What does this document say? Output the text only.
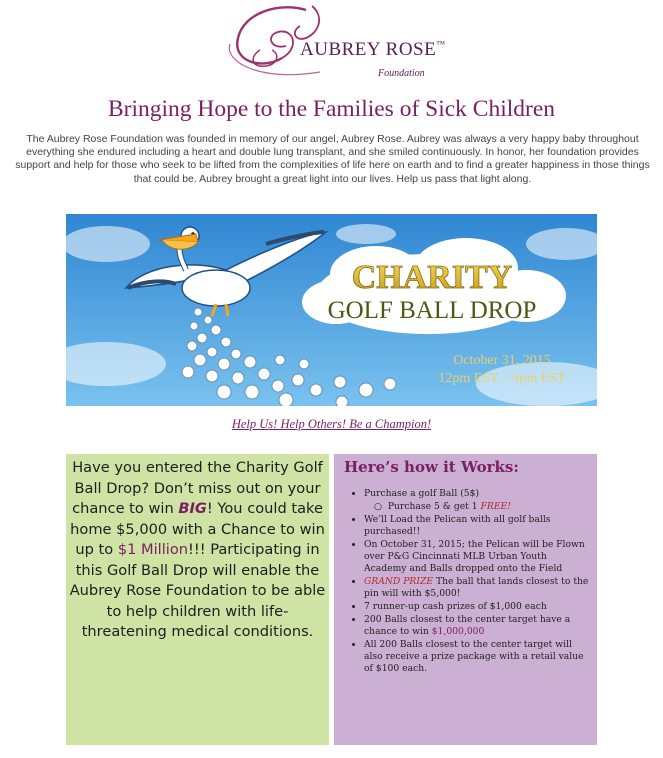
AUBREY ROSE™
Foundation
Bringing Hope to the Families of Sick Children
The Aubrey Rose Foundation was founded in memory of our angel, Aubrey Rose. Aubrey was always a very happy baby throughout everything she endured including a heart and double lung transplant, and she smiled continuously. In honor, her foundation provides support and help for those who seek to be lifted from the complexities of life here on earth and to find a greater happiness in those things that could be. Aubrey brought a great light into our lives. Help us pass that light along.
CHARITY
GOLF BALL DROP
October 31, 2015
12pm EST – 3pm EST
Help Us! Help Others! Be a Champion!
Have you entered the Charity Golf Ball Drop? Don’t miss out on your chance to win BIG! You could take home $5,000 with a Chance to win up to $1 Million!!! Participating in this Golf Ball Drop will enable the Aubrey Rose Foundation to be able to help children with life-threatening medical conditions.
Here’s how it Works:
• Purchase a golf Ball (5$)
○  Purchase 5 & get 1 FREE!
• We’ll Load the Pelican with all golf balls purchased!!
• On October 31, 2015; the Pelican will be Flown over P&G Cincinnati MLB Urban Youth Academy and Balls dropped onto the Field
• GRAND PRIZE The ball that lands closest to the pin will with $5,000!
• 7 runner-up cash prizes of $1,000 each
• 200 Balls closest to the center target have a chance to win $1,000,000
• All 200 Balls closest to the center target will also receive a prize package with a retail value of $100 each.
